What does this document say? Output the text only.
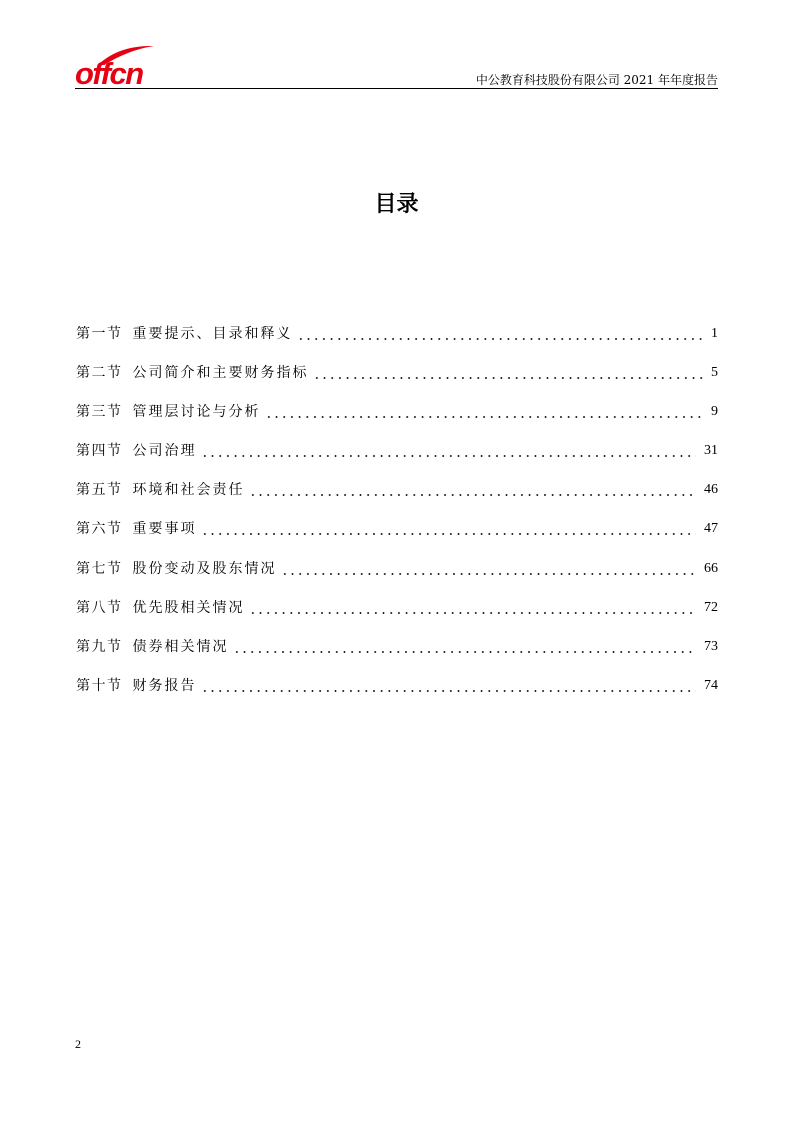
offcn	中公教育科技股份有限公司 2021 年年度报告
目录
第一节 重要提示、目录和释义	1
第二节 公司简介和主要财务指标	5
第三节 管理层讨论与分析	9
第四节 公司治理	31
第五节 环境和社会责任	46
第六节 重要事项	47
第七节 股份变动及股东情况	66
第八节 优先股相关情况	72
第九节 债券相关情况	73
第十节 财务报告	74
2
